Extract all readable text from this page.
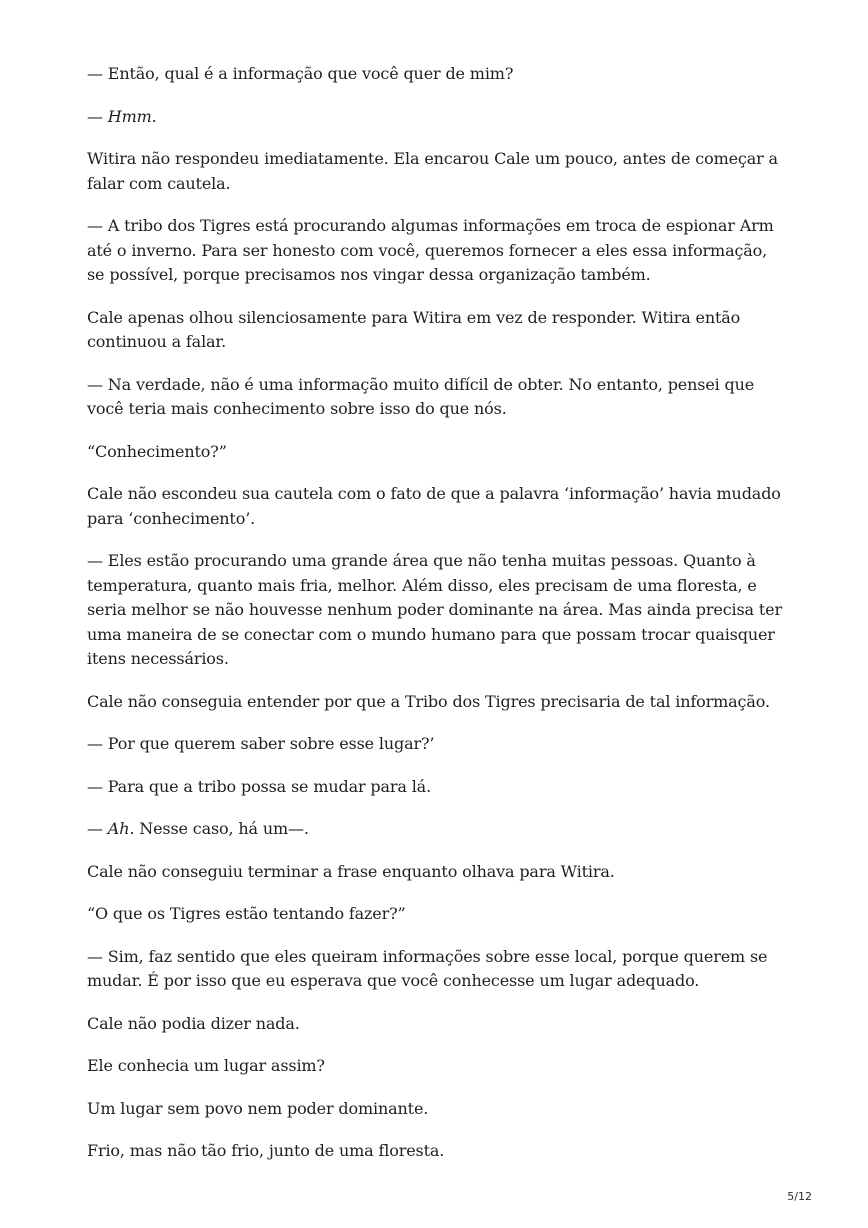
— Então, qual é a informação que você quer de mim?

— Hmm.

Witira não respondeu imediatamente. Ela encarou Cale um pouco, antes de começar a falar com cautela.

— A tribo dos Tigres está procurando algumas informações em troca de espionar Arm até o inverno. Para ser honesto com você, queremos fornecer a eles essa informação, se possível, porque precisamos nos vingar dessa organização também.

Cale apenas olhou silenciosamente para Witira em vez de responder. Witira então continuou a falar.

— Na verdade, não é uma informação muito difícil de obter. No entanto, pensei que você teria mais conhecimento sobre isso do que nós.

“Conhecimento?”

Cale não escondeu sua cautela com o fato de que a palavra ‘informação’ havia mudado para ‘conhecimento’.

— Eles estão procurando uma grande área que não tenha muitas pessoas. Quanto à temperatura, quanto mais fria, melhor. Além disso, eles precisam de uma floresta, e seria melhor se não houvesse nenhum poder dominante na área. Mas ainda precisa ter uma maneira de se conectar com o mundo humano para que possam trocar quaisquer itens necessários.

Cale não conseguia entender por que a Tribo dos Tigres precisaria de tal informação.

— Por que querem saber sobre esse lugar?’

— Para que a tribo possa se mudar para lá.

— Ah. Nesse caso, há um—.

Cale não conseguiu terminar a frase enquanto olhava para Witira.

“O que os Tigres estão tentando fazer?”

— Sim, faz sentido que eles queiram informações sobre esse local, porque querem se mudar. É por isso que eu esperava que você conhecesse um lugar adequado.

Cale não podia dizer nada.

Ele conhecia um lugar assim?

Um lugar sem povo nem poder dominante.

Frio, mas não tão frio, junto de uma floresta.

5/12
